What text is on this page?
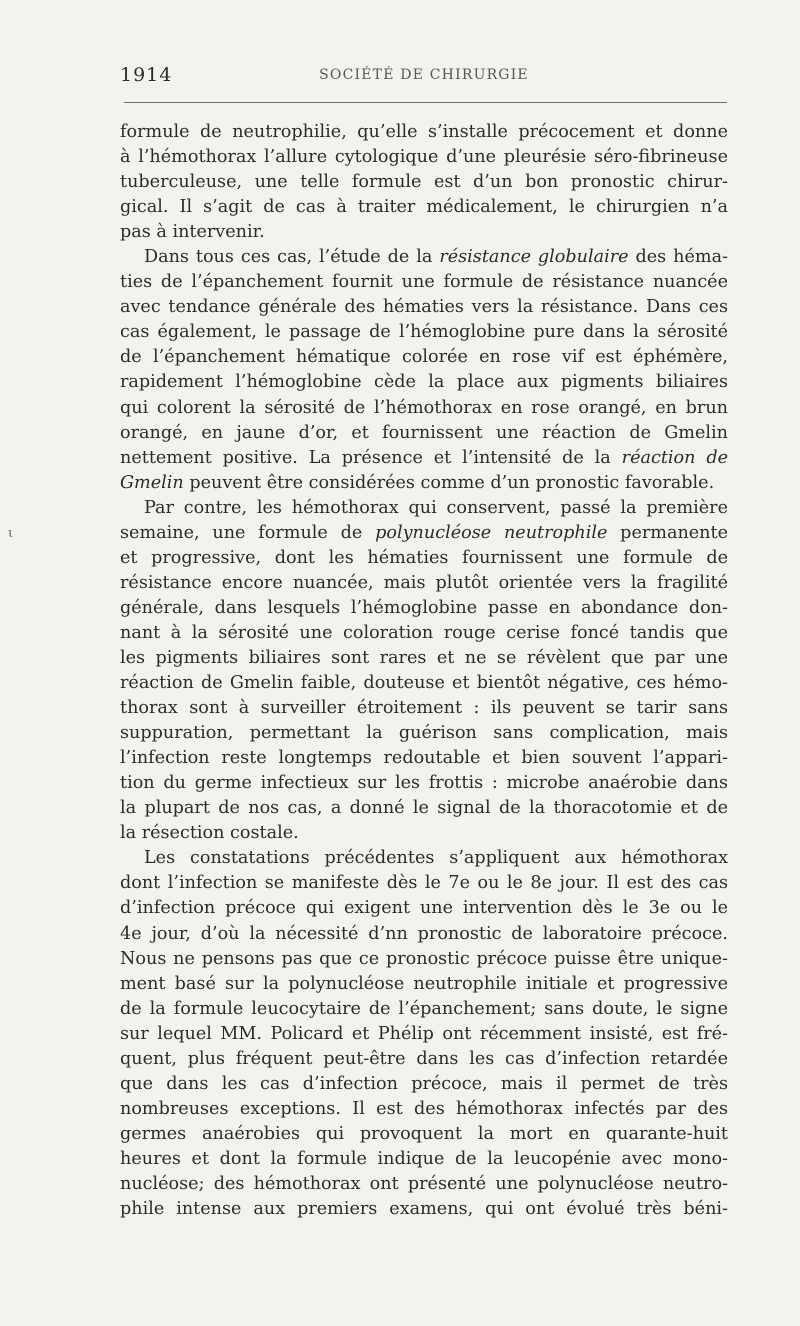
1914	SOCIÉTÉ DE CHIRURGIE
ι
formule de neutrophilie, qu’elle s’installe précocement et donne
à l’hémothorax l’allure cytologique d’une pleurésie séro-fibrineuse
tuberculeuse, une telle formule est d’un bon pronostic chirur-
gical. Il s’agit de cas à traiter médicalement, le chirurgien n’a
pas à intervenir.
Dans tous ces cas, l’étude de la résistance globulaire des héma-
ties de l’épanchement fournit une formule de résistance nuancée
avec tendance générale des hématies vers la résistance. Dans ces
cas également, le passage de l’hémoglobine pure dans la sérosité
de l’épanchement hématique colorée en rose vif est éphémère,
rapidement l’hémoglobine cède la place aux pigments biliaires
qui colorent la sérosité de l’hémothorax en rose orangé, en brun
orangé, en jaune d’or, et fournissent une réaction de Gmelin
nettement positive. La présence et l’intensité de la réaction de
Gmelin peuvent être considérées comme d’un pronostic favorable.
Par contre, les hémothorax qui conservent, passé la première
semaine, une formule de polynucléose neutrophile permanente
et progressive, dont les hématies fournissent une formule de
résistance encore nuancée, mais plutôt orientée vers la fragilité
générale, dans lesquels l’hémoglobine passe en abondance don-
nant à la sérosité une coloration rouge cerise foncé tandis que
les pigments biliaires sont rares et ne se révèlent que par une
réaction de Gmelin faible, douteuse et bientôt négative, ces hémo-
thorax sont à surveiller étroitement : ils peuvent se tarir sans
suppuration, permettant la guérison sans complication, mais
l’infection reste longtemps redoutable et bien souvent l’appari-
tion du germe infectieux sur les frottis : microbe anaérobie dans
la plupart de nos cas, a donné le signal de la thoracotomie et de
la résection costale.
Les constatations précédentes s’appliquent aux hémothorax
dont l’infection se manifeste dès le 7e ou le 8e jour. Il est des cas
d’infection précoce qui exigent une intervention dès le 3e ou le
4e jour, d’où la nécessité d’nn pronostic de laboratoire précoce.
Nous ne pensons pas que ce pronostic précoce puisse être unique-
ment basé sur la polynucléose neutrophile initiale et progressive
de la formule leucocytaire de l’épanchement; sans doute, le signe
sur lequel MM. Policard et Phélip ont récemment insisté, est fré-
quent, plus fréquent peut-être dans les cas d’infection retardée
que dans les cas d’infection précoce, mais il permet de très
nombreuses exceptions. Il est des hémothorax infectés par des
germes anaérobies qui provoquent la mort en quarante-huit
heures et dont la formule indique de la leucopénie avec mono-
nucléose; des hémothorax ont présenté une polynucléose neutro-
phile intense aux premiers examens, qui ont évolué très béni-
